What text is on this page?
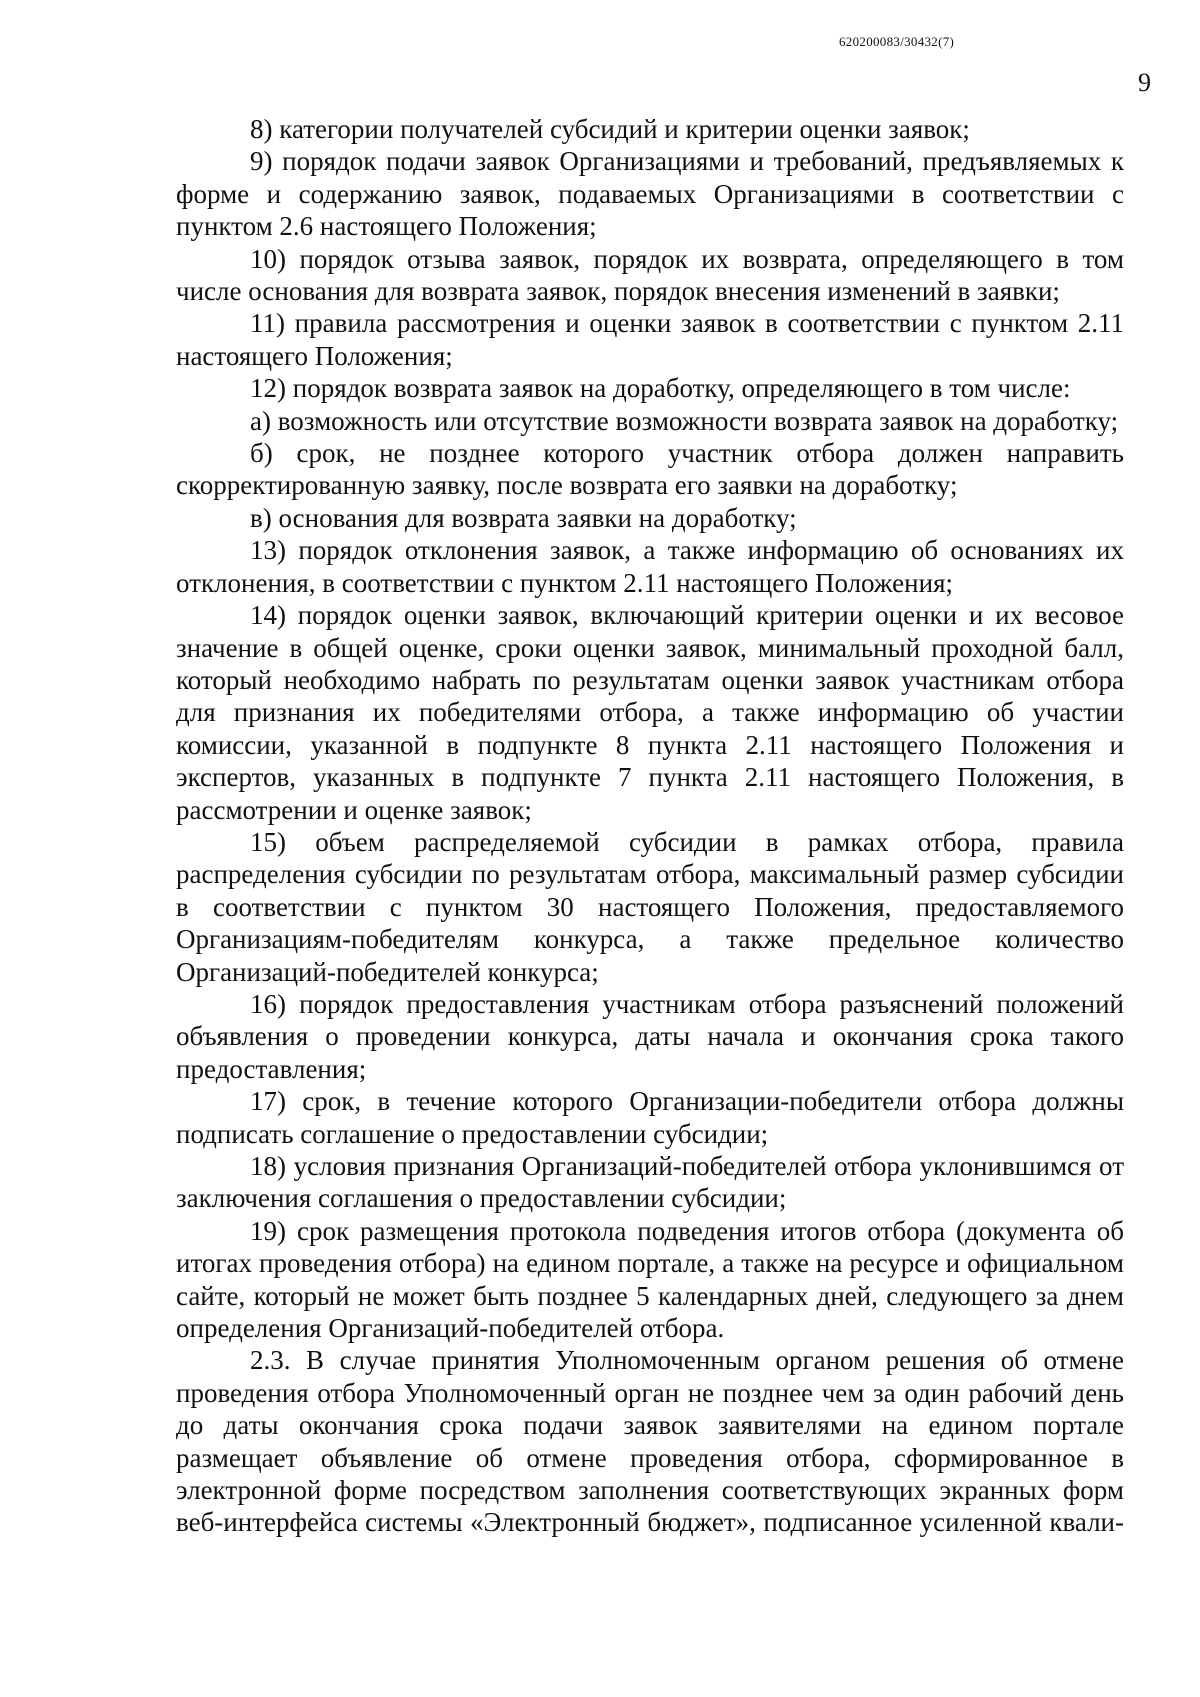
620200083/30432(7)
9

8) категории получателей субсидий и критерии оценки заявок;

9) порядок подачи заявок Организациями и требований, предъявляемых к форме и содержанию заявок, подаваемых Организациями в соответствии с пунктом 2.6 настоящего Положения;

10) порядок отзыва заявок, порядок их возврата, определяющего в том числе основания для возврата заявок, порядок внесения изменений в заявки;

11) правила рассмотрения и оценки заявок в соответствии с пунктом 2.11 настоящего Положения;

12) порядок возврата заявок на доработку, определяющего в том числе:

а) возможность или отсутствие возможности возврата заявок на доработку;

б) срок, не позднее которого участник отбора должен направить скорректированную заявку, после возврата его заявки на доработку;

в) основания для возврата заявки на доработку;

13) порядок отклонения заявок, а также информацию об основаниях их отклонения, в соответствии с пунктом 2.11 настоящего Положения;

14) порядок оценки заявок, включающий критерии оценки и их весовое значение в общей оценке, сроки оценки заявок, минимальный проходной балл, который необходимо набрать по результатам оценки заявок участникам отбора для признания их победителями отбора, а также информацию об участии комиссии, указанной в подпункте 8 пункта 2.11 настоящего Положения и экспертов, указанных в подпункте 7 пункта 2.11 настоящего Положения, в рассмотрении и оценке заявок;

15) объем распределяемой субсидии в рамках отбора, правила распределения субсидии по результатам отбора, максимальный размер субсидии в соответствии с пунктом 30 настоящего Положения, предоставляемого Организациям-победителям конкурса, а также предельное количество Организаций-победителей конкурса;

16) порядок предоставления участникам отбора разъяснений положений объявления о проведении конкурса, даты начала и окончания срока такого предоставления;

17) срок, в течение которого Организации-победители отбора должны подписать соглашение о предоставлении субсидии;

18) условия признания Организаций-победителей отбора уклонившимся от заключения соглашения о предоставлении субсидии;

19) срок размещения протокола подведения итогов отбора (документа об итогах проведения отбора) на едином портале, а также на ресурсе и официальном сайте, который не может быть позднее 5 календарных дней, следующего за днем определения Организаций-победителей отбора.

2.3. В случае принятия Уполномоченным органом решения об отмене проведения отбора Уполномоченный орган не позднее чем за один рабочий день до даты окончания срока подачи заявок заявителями на едином портале размещает объявление об отмене проведения отбора, сформированное в электронной форме посредством заполнения соответствующих экранных форм веб-интерфейса системы «Электронный бюджет», подписанное усиленной квали-
